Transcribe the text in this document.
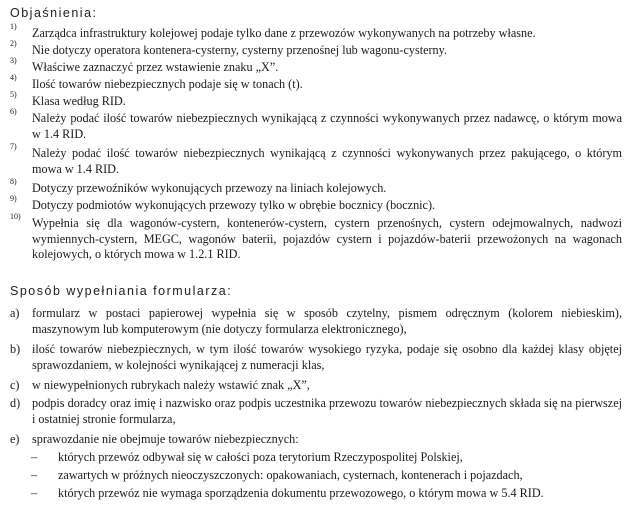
Objaśnienia:
1) Zarządca infrastruktury kolejowej podaje tylko dane z przewozów wykonywanych na potrzeby własne.
2) Nie dotyczy operatora kontenera-cysterny, cysterny przenośnej lub wagonu-cysterny.
3) Właściwe zaznaczyć przez wstawienie znaku „X”.
4) Ilość towarów niebezpiecznych podaje się w tonach (t).
5) Klasa według RID.
6) Należy podać ilość towarów niebezpiecznych wynikającą z czynności wykonywanych przez nadawcę, o którym mowa w 1.4 RID.
7) Należy podać ilość towarów niebezpiecznych wynikającą z czynności wykonywanych przez pakującego, o którym mowa w 1.4 RID.
8) Dotyczy przewoźników wykonujących przewozy na liniach kolejowych.
9) Dotyczy podmiotów wykonujących przewozy tylko w obrębie bocznicy (bocznic).
10) Wypełnia się dla wagonów-cystern, kontenerów-cystern, cystern przenośnych, cystern odejmowalnych, nadwozi wymiennych-cystern, MEGC, wagonów baterii, pojazdów cystern i pojazdów-baterii przewożonych na wagonach kolejowych, o których mowa w 1.2.1 RID.
Sposób wypełniania formularza:
a) formularz w postaci papierowej wypełnia się w sposób czytelny, pismem odręcznym (kolorem niebieskim), maszynowym lub komputerowym (nie dotyczy formularza elektronicznego),
b) ilość towarów niebezpiecznych, w tym ilość towarów wysokiego ryzyka, podaje się osobno dla każdej klasy objętej sprawozdaniem, w kolejności wynikającej z numeracji klas,
c) w niewypełnionych rubrykach należy wstawić znak „X”,
d) podpis doradcy oraz imię i nazwisko oraz podpis uczestnika przewozu towarów niebezpiecznych składa się na pierwszej i ostatniej stronie formularza,
e) sprawozdanie nie obejmuje towarów niebezpiecznych:
– których przewóz odbywał się w całości poza terytorium Rzeczypospolitej Polskiej,
– zawartych w próżnych nieoczyszczonych: opakowaniach, cysternach, kontenerach i pojazdach,
– których przewóz nie wymaga sporządzenia dokumentu przewozowego, o którym mowa w 5.4 RID.
